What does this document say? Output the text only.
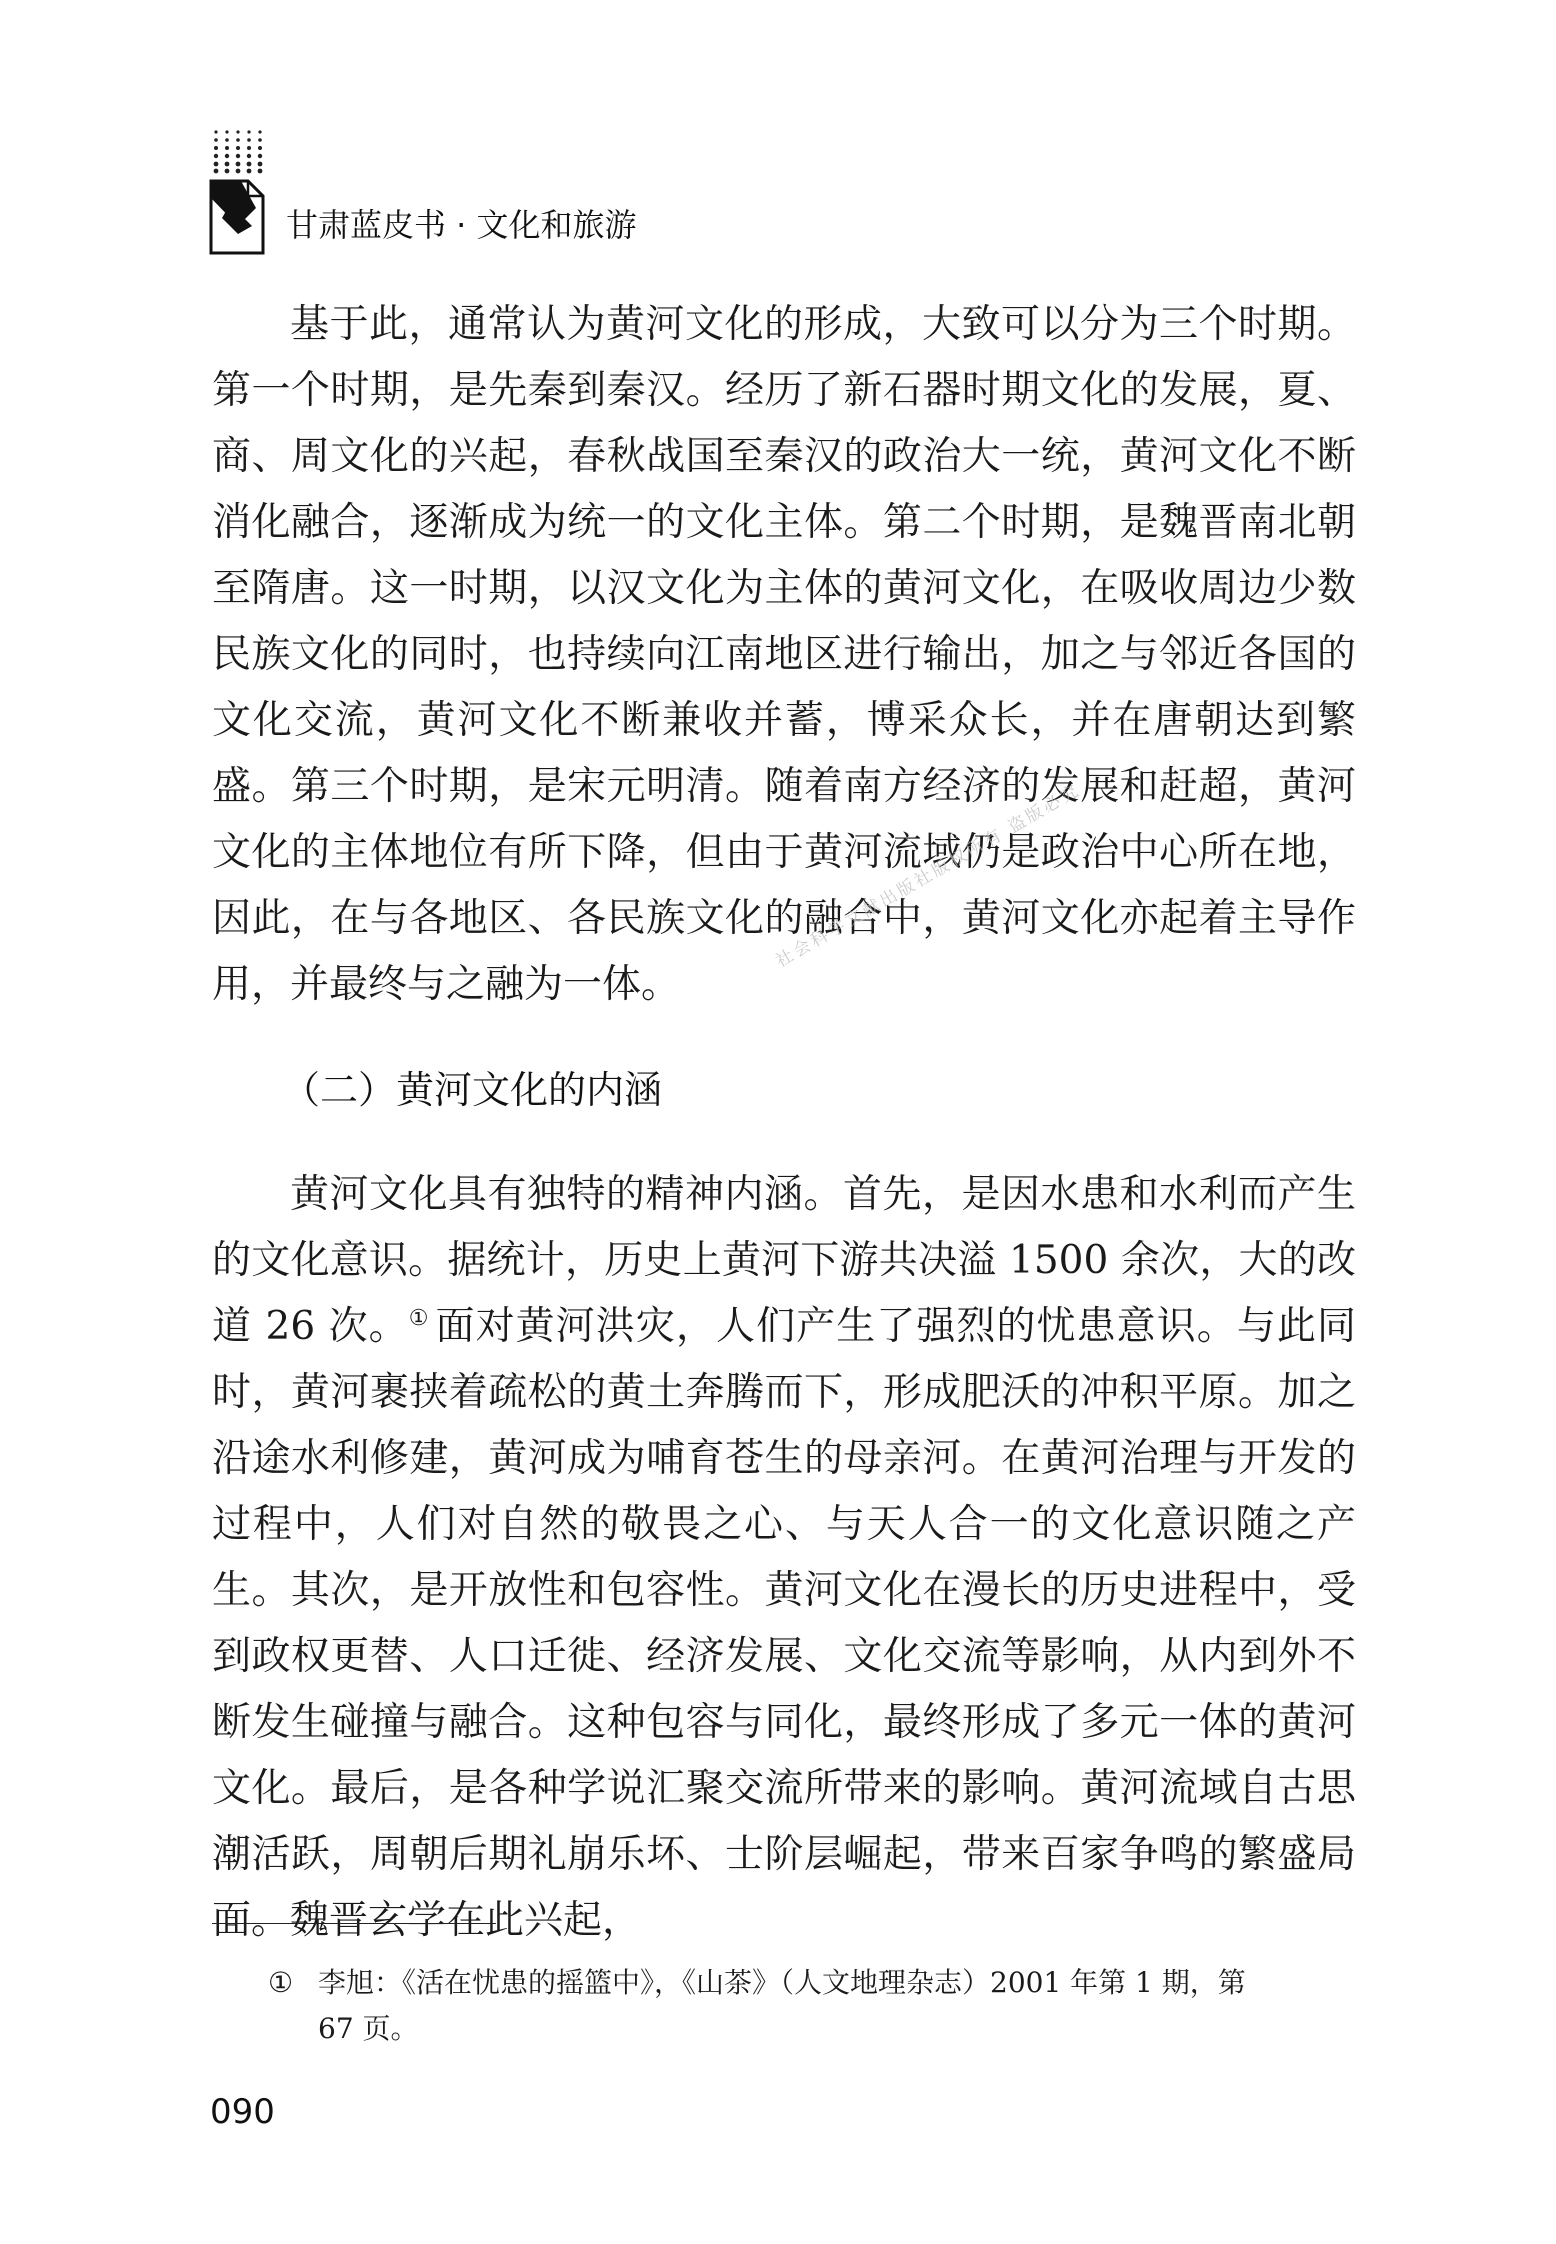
甘肃蓝皮书 · 文化和旅游

基于此，通常认为黄河文化的形成，大致可以分为三个时期。第一个时期，是先秦到秦汉。经历了新石器时期文化的发展，夏、商、周文化的兴起，春秋战国至秦汉的政治大一统，黄河文化不断消化融合，逐渐成为统一的文化主体。第二个时期，是魏晋南北朝至隋唐。这一时期，以汉文化为主体的黄河文化，在吸收周边少数民族文化的同时，也持续向江南地区进行输出，加之与邻近各国的文化交流，黄河文化不断兼收并蓄，博采众长，并在唐朝达到繁盛。第三个时期，是宋元明清。随着南方经济的发展和赶超，黄河文化的主体地位有所下降，但由于黄河流域仍是政治中心所在地，因此，在与各地区、各民族文化的融合中，黄河文化亦起着主导作用，并最终与之融为一体。

（二）黄河文化的内涵

黄河文化具有独特的精神内涵。首先，是因水患和水利而产生的文化意识。据统计，历史上黄河下游共决溢 1500 余次，大的改道 26 次。① 面对黄河洪灾，人们产生了强烈的忧患意识。与此同时，黄河裹挟着疏松的黄土奔腾而下，形成肥沃的冲积平原。加之沿途水利修建，黄河成为哺育苍生的母亲河。在黄河治理与开发的过程中，人们对自然的敬畏之心、与天人合一的文化意识随之产生。其次，是开放性和包容性。黄河文化在漫长的历史进程中，受到政权更替、人口迁徙、经济发展、文化交流等影响，从内到外不断发生碰撞与融合。这种包容与同化，最终形成了多元一体的黄河文化。最后，是各种学说汇聚交流所带来的影响。黄河流域自古思潮活跃，周朝后期礼崩乐坏、士阶层崛起，带来百家争鸣的繁盛局面。魏晋玄学在此兴起，

① 李旭：《活在忧患的摇篮中》，《山茶》（人文地理杂志）2001 年第 1 期，第
67 页。
090
社会科学文献出版社版权所有 盗版必究
